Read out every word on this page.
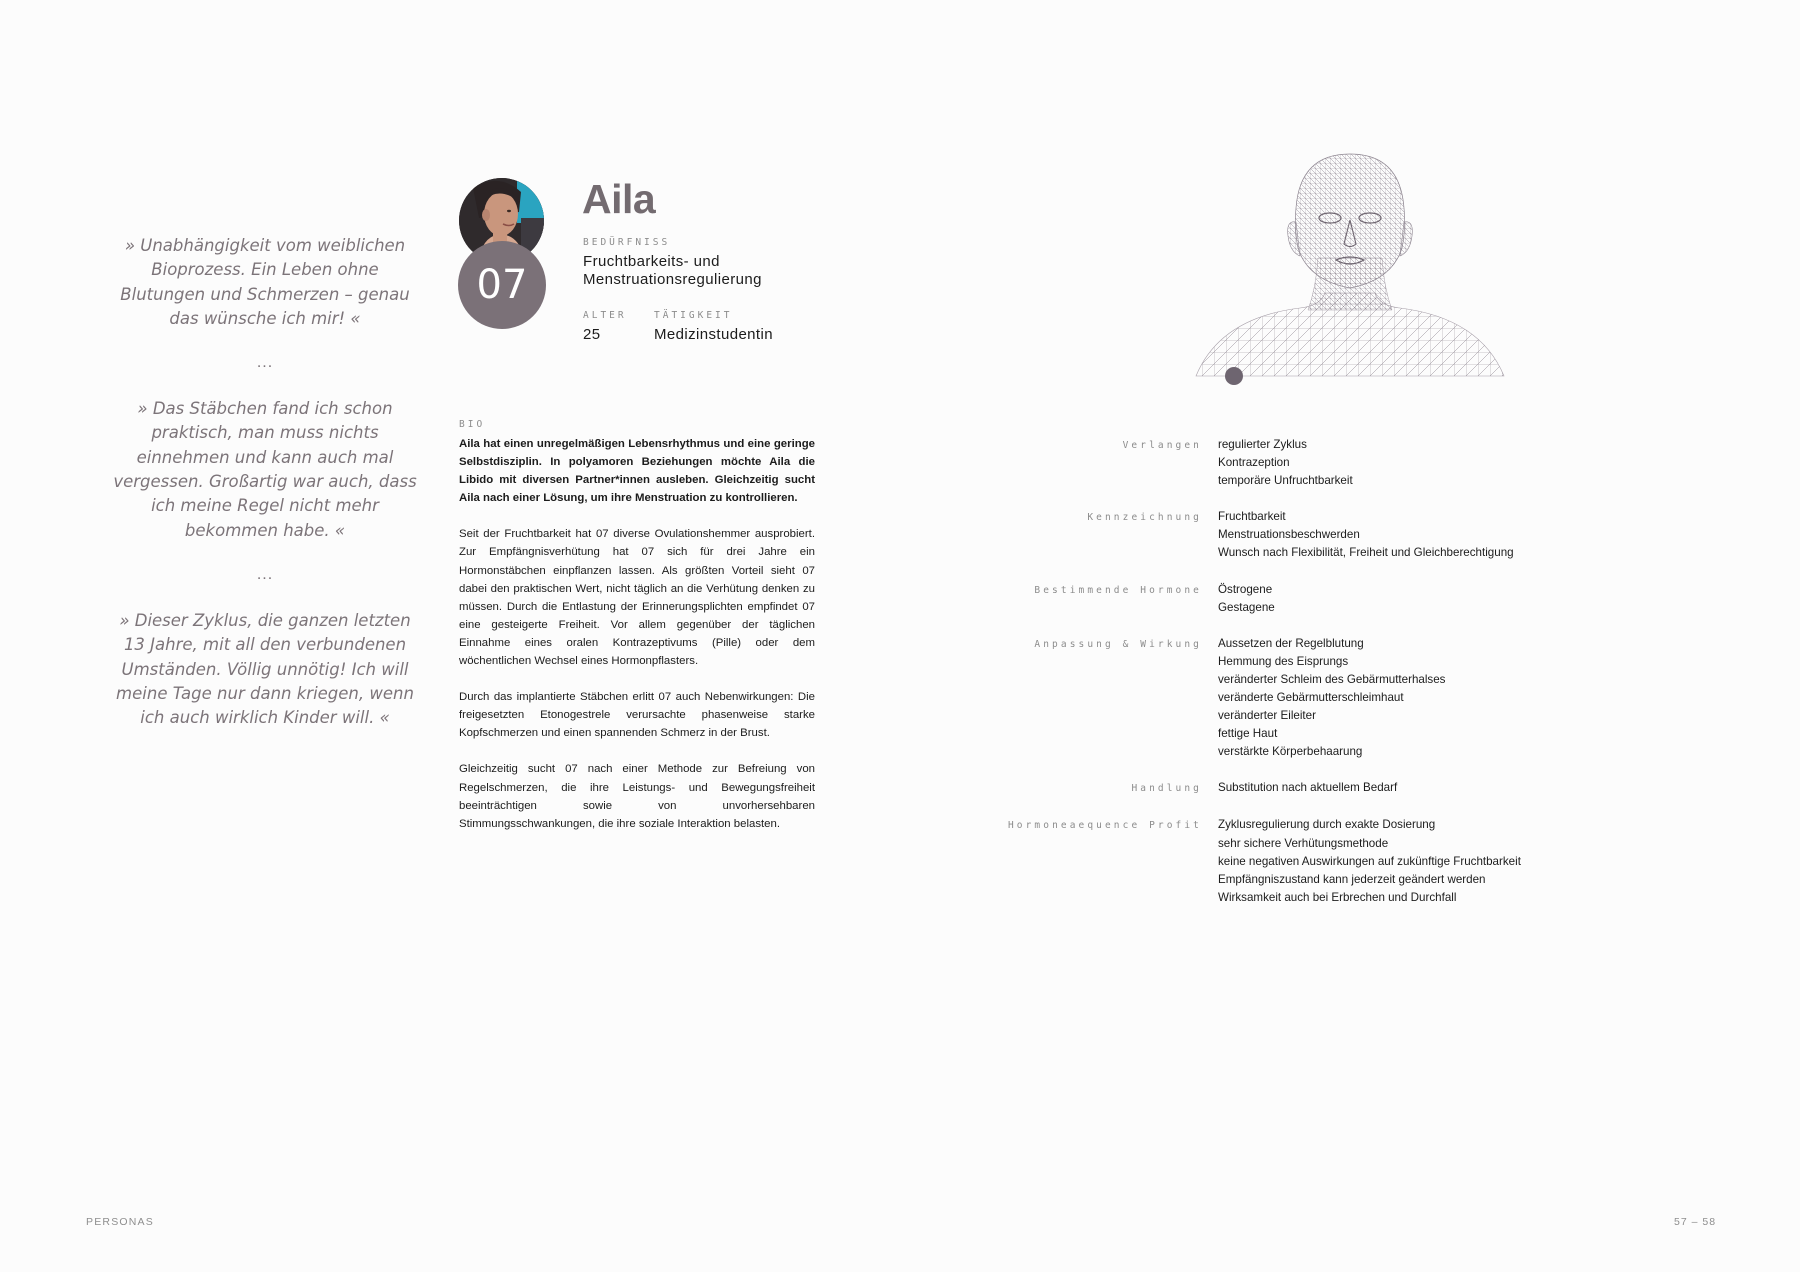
» Unabhängigkeit vom weiblichen Bioprozess. Ein Leben ohne Blutungen und Schmerzen – genau das wünsche ich mir! «
...
» Das Stäbchen fand ich schon praktisch, man muss nichts einnehmen und kann auch mal vergessen. Großartig war auch, dass ich meine Regel nicht mehr bekommen habe. «
...
» Dieser Zyklus, die ganzen letzten 13 Jahre, mit all den verbundenen Umständen. Völlig unnötig! Ich will meine Tage nur dann kriegen, wenn ich auch wirklich Kinder will. «
07
Aila
BEDÜRFNISS
Fruchtbarkeits- und Menstruationsregulierung
ALTER
25
TÄTIGKEIT
Medizinstudentin
BIO

Aila hat einen unregelmäßigen Lebensrhythmus und eine geringe Selbstdisziplin. In polyamoren Beziehungen möchte Aila die Libido mit diversen Partner*innen ausleben. Gleichzeitig sucht Aila nach einer Lösung, um ihre Menstruation zu kontrollieren.

Seit der Fruchtbarkeit hat 07 diverse Ovulationshemmer ausprobiert. Zur Empfängnisverhütung hat 07 sich für drei Jahre ein Hormonstäbchen einpflanzen lassen. Als größten Vorteil sieht 07 dabei den praktischen Wert, nicht täglich an die Verhütung denken zu müssen. Durch die Entlastung der Erinnerungsplichten empfindet 07 eine gesteigerte Freiheit. Vor allem gegenüber der täglichen Einnahme eines oralen Kontrazeptivums (Pille) oder dem wöchentlichen Wechsel eines Hormonpflasters.

Durch das implantierte Stäbchen erlitt 07 auch Nebenwirkungen: Die freigesetzten Etonogestrele verursachte phasenweise starke Kopfschmerzen und einen spannenden Schmerz in der Brust.

Gleichzeitig sucht 07 nach einer Methode zur Befreiung von Regelschmerzen, die ihre Leistungs- und Bewegungsfreiheit beeinträchtigen sowie von unvorhersehbaren Stimmungsschwankungen, die ihre soziale Interaktion belasten.

Verlangen	regulierter Zyklus
Kontrazeption
temporäre Unfruchtbarkeit
Kennzeichnung	Fruchtbarkeit
Menstruationsbeschwerden
Wunsch nach Flexibilität, Freiheit und Gleichberechtigung
Bestimmende Hormone	Östrogene
Gestagene
Anpassung & Wirkung	Aussetzen der Regelblutung
Hemmung des Eisprungs
veränderter Schleim des Gebärmutterhalses
veränderte Gebärmutterschleimhaut
veränderter Eileiter
fettige Haut
verstärkte Körperbehaarung
Handlung	Substitution nach aktuellem Bedarf
Hormoneaequence Profit	Zyklusregulierung durch exakte Dosierung
sehr sichere Verhütungsmethode
keine negativen Auswirkungen auf zukünftige Fruchtbarkeit
Empfängniszustand kann jederzeit geändert werden
Wirksamkeit auch bei Erbrechen und Durchfall
PERSONAS	57 – 58
